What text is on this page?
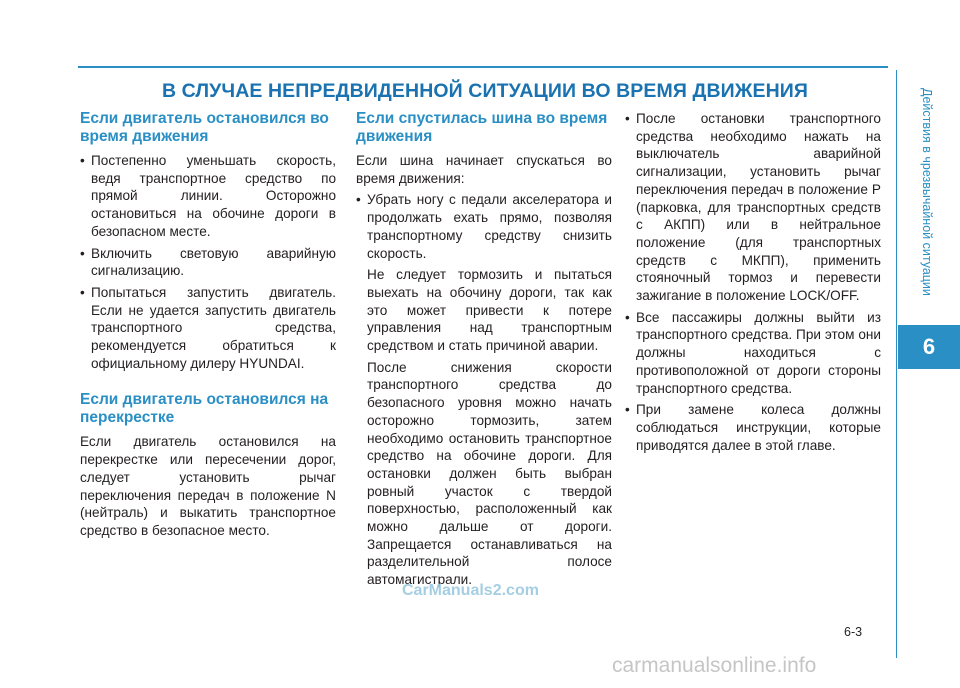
В СЛУЧАЕ НЕПРЕДВИДЕННОЙ СИТУАЦИИ ВО ВРЕМЯ ДВИЖЕНИЯ
Если двигатель остановился во время движения
• Постепенно уменьшать скорость, ведя транспортное средство по прямой линии. Осторожно остановиться на обочине дороги в безопасном месте.
• Включить световую аварийную сигнализацию.
• Попытаться запустить двигатель. Если не удается запустить двигатель транспортного средства, рекомендуется обратиться к официальному дилеру HYUNDAI.
Если двигатель остановился на перекрестке

Если двигатель остановился на перекрестке или пересечении дорог, следует установить рычаг переключения передач в положение N (нейтраль) и выкатить транспортное средство в безопасное место.

Если спустилась шина во время движения

Если шина начинает спускаться во время движения:

• Убрать ногу с педали акселератора и продолжать ехать прямо, позволяя транспортному средству снизить скорость.

Не следует тормозить и пытаться выехать на обочину дороги, так как это может привести к потере управления над транспортным средством и стать причиной аварии.

После снижения скорости транспортного средства до безопасного уровня можно начать осторожно тормозить, затем необходимо остановить транспортное средство на обочине дороги. Для остановки должен быть выбран ровный участок с твердой поверхностью, расположенный как можно дальше от дороги. Запрещается останавливаться на разделительной полосе автомагистрали.

• После остановки транспортного средства необходимо нажать на выключатель аварийной сигнализации, установить рычаг переключения передач в положение P (парковка, для транспортных средств с АКПП) или в нейтральное положение (для транспортных средств с МКПП), применить стояночный тормоз и перевести зажигание в положение LOCK/OFF.
• Все пассажиры должны выйти из транспортного средства. При этом они должны находиться с противоположной от дороги стороны транспортного средства.
• При замене колеса должны соблюдаться инструкции, которые приводятся далее в этой главе.
Действия в чрезвычайной ситуации
6
6-3
CarManuals2.com
carmanualsonline.info
